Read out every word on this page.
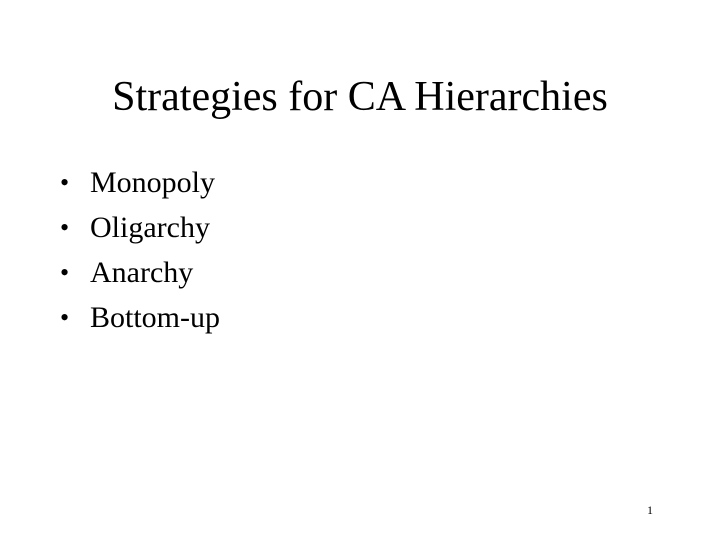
Strategies for CA Hierarchies
• Monopoly
• Oligarchy
• Anarchy
• Bottom-up
1
